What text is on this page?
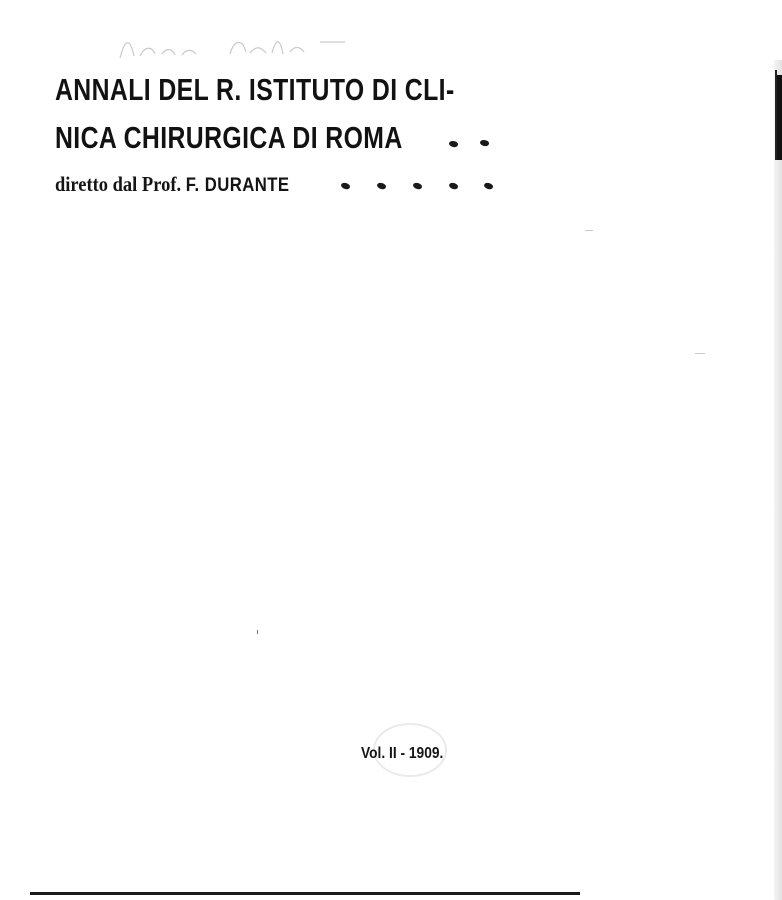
ANNALI DEL R. ISTITUTO DI CLI-
NICA CHIRURGICA DI ROMA
diretto dal Prof. F. DURANTE
Vol. II - 1909.
